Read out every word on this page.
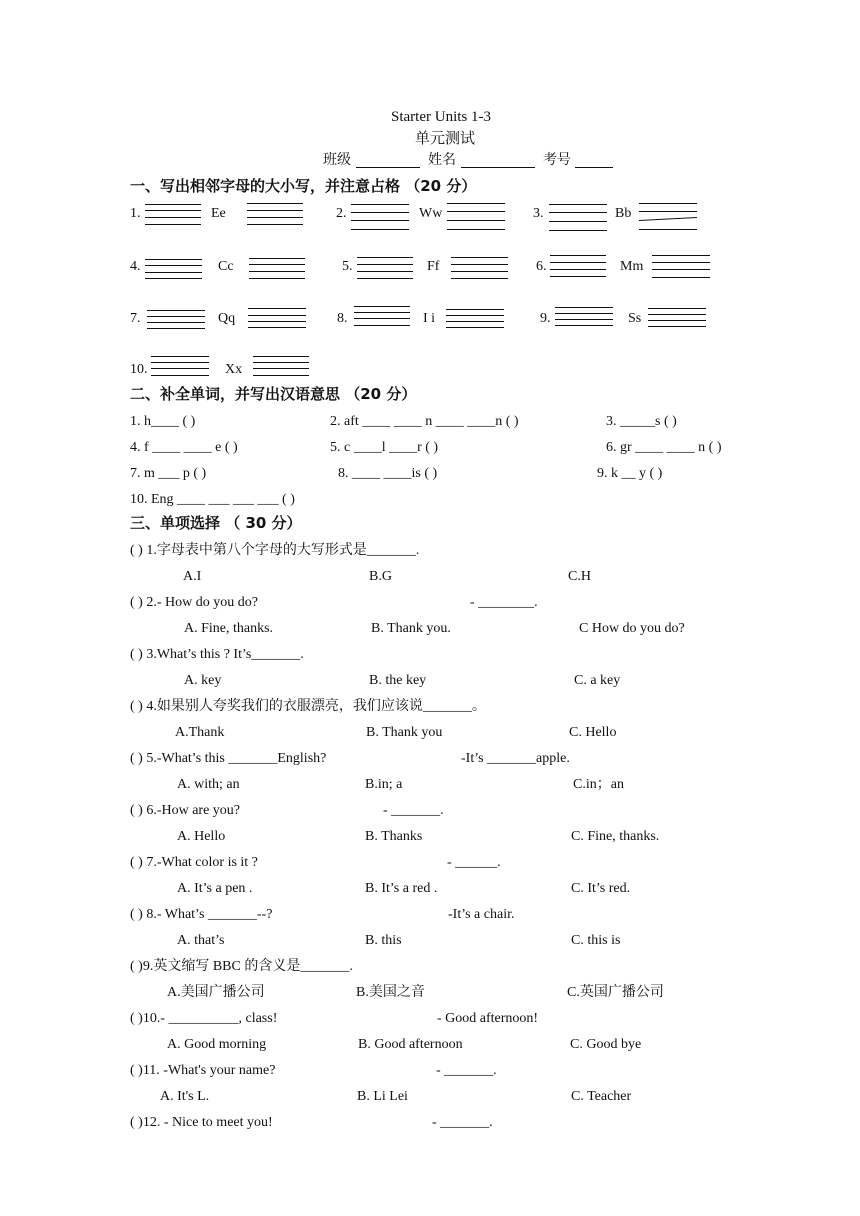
Starter Units 1-3
单元测试
班级	姓名	考号
一、写出相邻字母的大小写，并注意占格 （20 分）
1.	Ee	2.	Ww	3.	Bb
4.	Cc	5.	Ff	6.	Mm
7.	Qq	8.	I i	9.	Ss
10.	Xx
二、补全单词，并写出汉语意思 （20 分）
1. h____ ( )	2. aft ____ ____ n ____ ____n ( )	3. _____s ( )
4. f ____ ____ e ( )	5. c ____l ____r ( )	6. gr ____ ____ n ( )
7. m ___ p ( )	8. ____ ____is ( )	9. k __ y ( )
10. Eng ____ ___ ___ ___ ( )
三、单项选择 （ 30 分）
( ) 1.字母表中第八个字母的大写形式是_______.
A.I	B.G	C.H
( ) 2.- How do you do?	- ________.
A. Fine, thanks.	B. Thank you.	C How do you do?
( ) 3.What’s this ? It’s_______.
A. key	B. the key	C. a key
( ) 4.如果别人夸奖我们的衣服漂亮，我们应该说_______。
A.Thank	B. Thank you	C. Hello
( ) 5.-What’s this _______English?	-It’s _______apple.
A. with; an	B.in; a	C.in；an
( ) 6.-How are you?	- _______.
A. Hello	B. Thanks	C. Fine, thanks.
( ) 7.-What color is it ?	- ______.
A. It’s a pen .	B. It’s a red .	C. It’s red.
( ) 8.- What’s _______--?	-It’s a chair.
A. that’s	B. this	C. this is
( )9.英文缩写 BBC 的含义是_______.
A.美国广播公司	B.美国之音	C.英国广播公司
( )10.- __________, class!	- Good afternoon!
A. Good morning	B. Good afternoon	C. Good bye
( )11. -What's your name?	- _______.
A. It's L.	B. Li Lei	C. Teacher
( )12. - Nice to meet you!	- _______.
